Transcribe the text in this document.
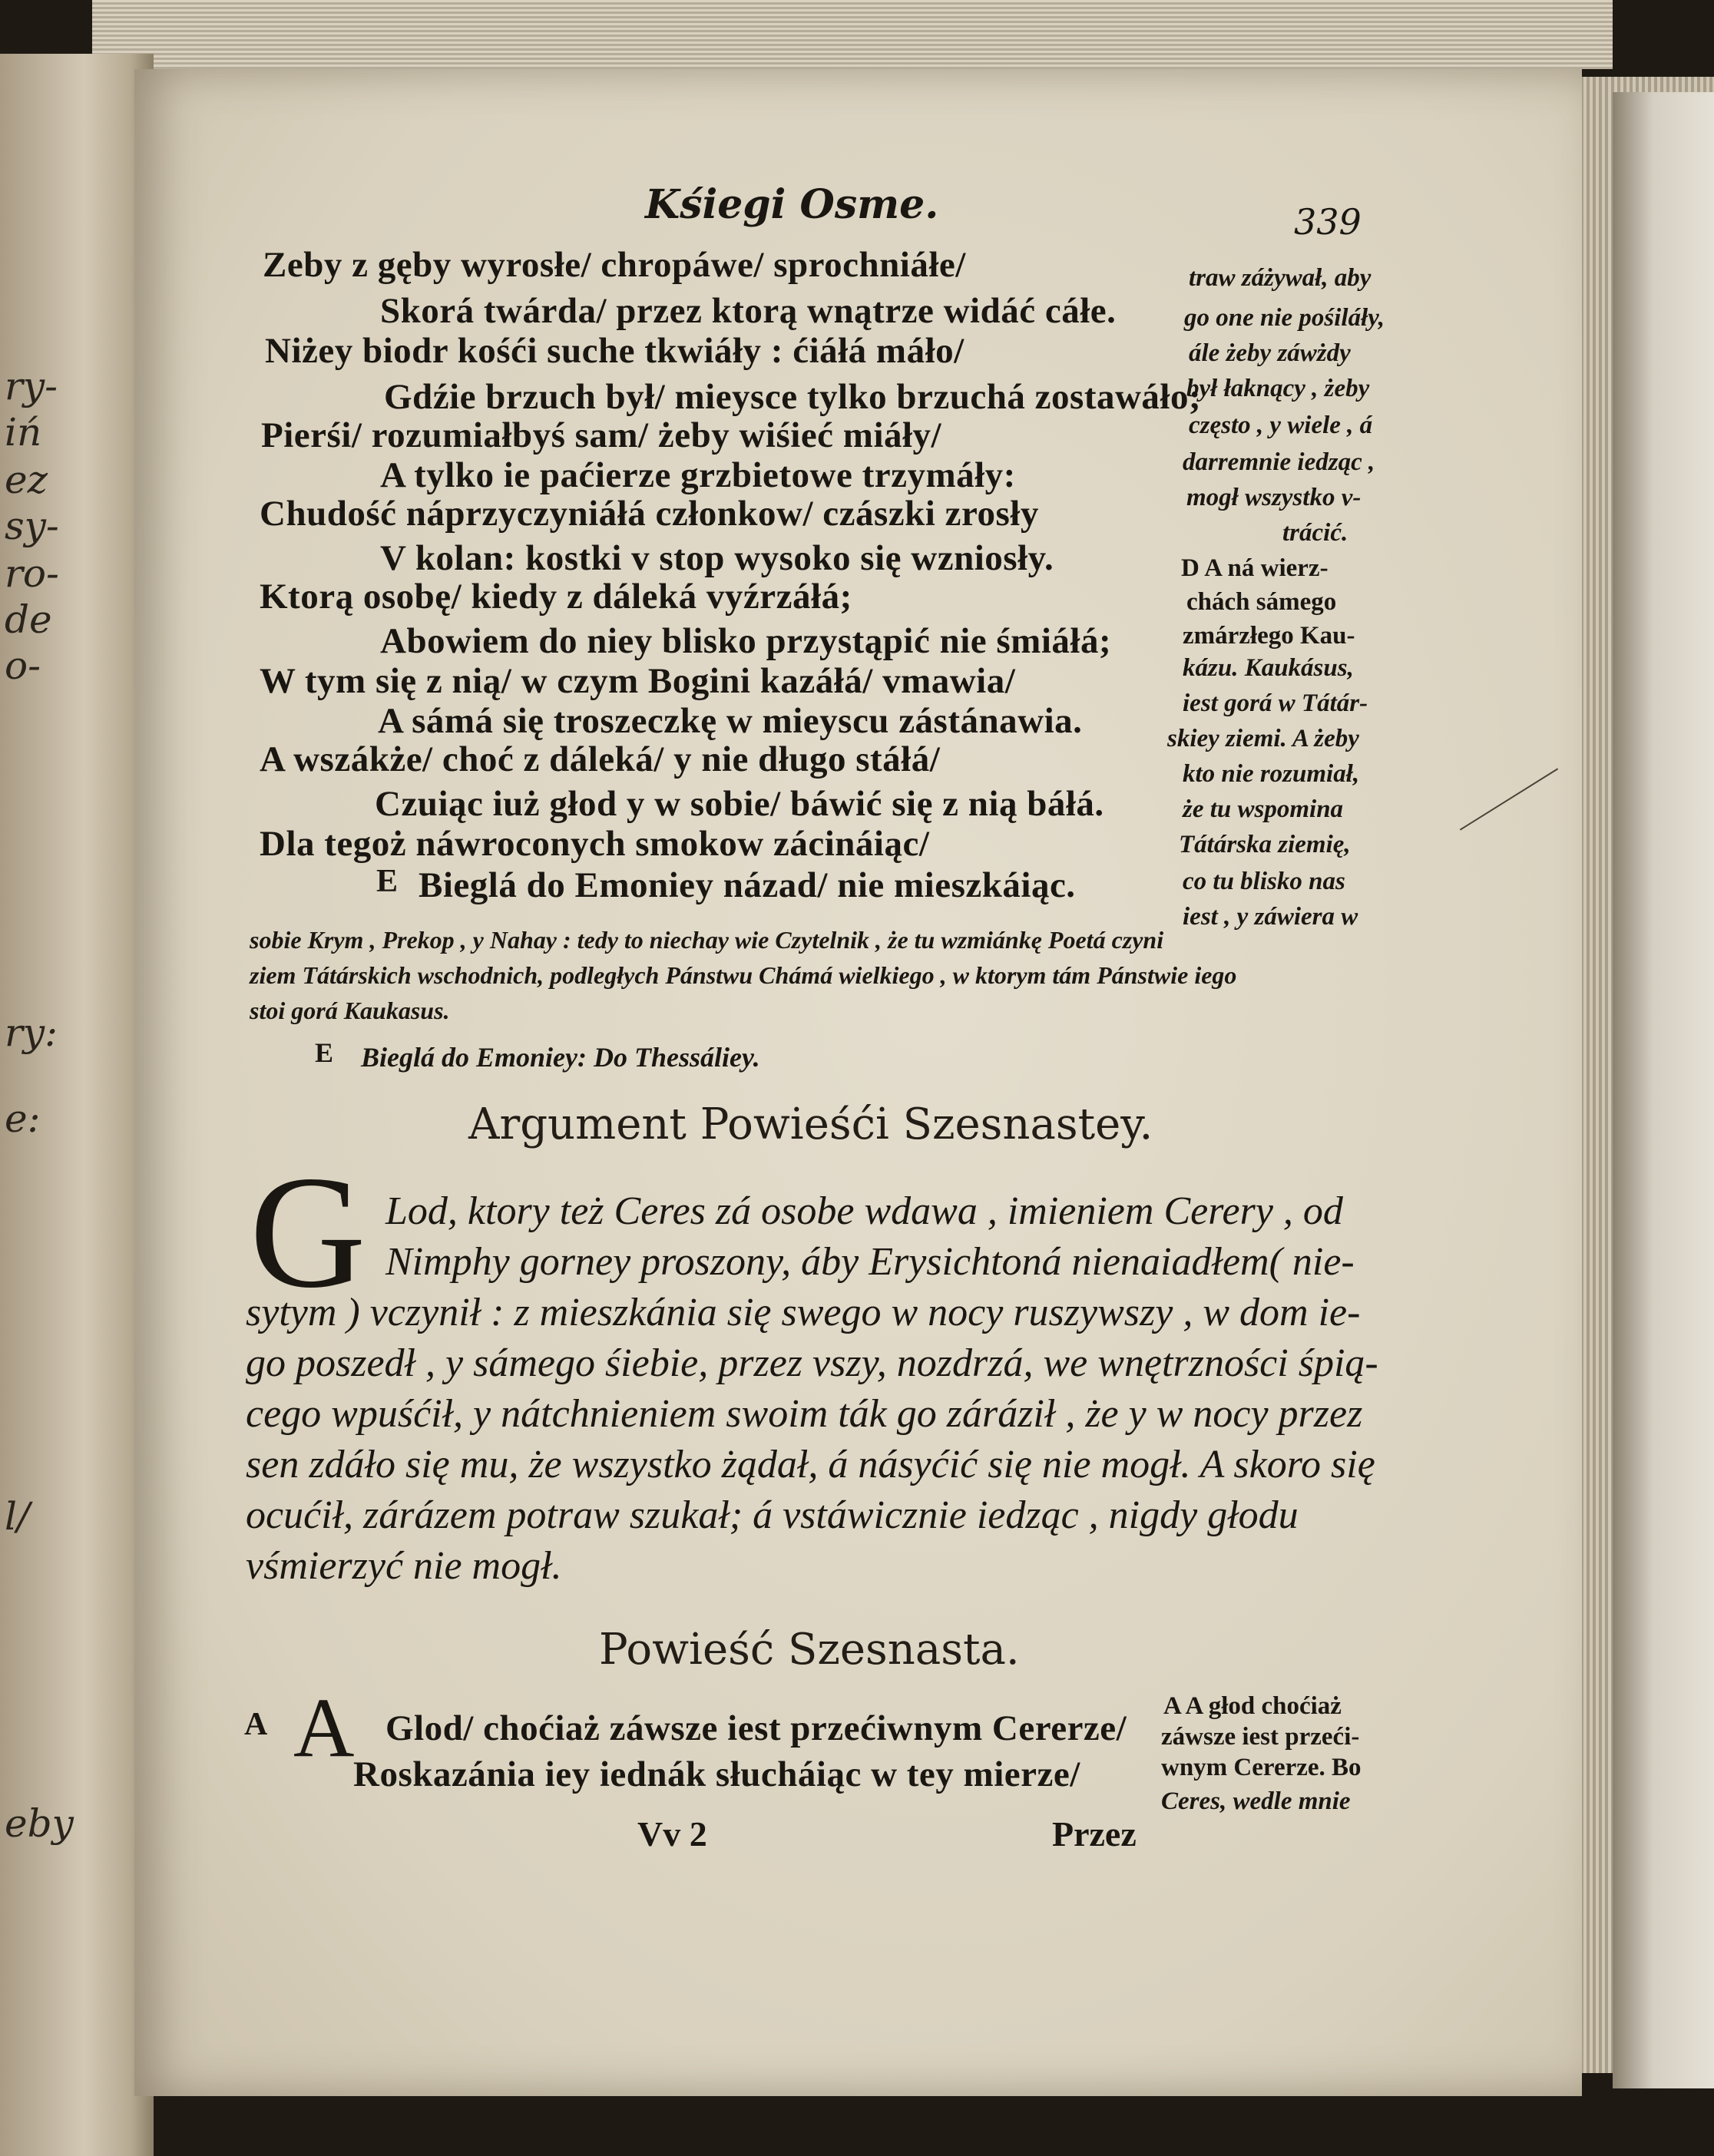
ry-
iń
ez
sy-
ro-
de
o-
ry:
e:
l/
eby
Kśiegi Osme.	339
Zeby z gęby wyrosłe/ chropáwe/ sprochniáłe/
Skorá twárda/ przez ktorą wnątrze widáć cáłe.
Niżey biodr kośći suche tkwiáły : ćiáłá máło/
Gdźie brzuch był/ mieysce tylko brzuchá zostawáło;
Pierśi/ rozumiałbyś sam/ żeby wiśieć miáły/
A tylko ie paćierze grzbietowe trzymáły:
Chudość náprzyczyniáłá członkow/ czászki zrosły
V kolan: kostki v stop wysoko się wzniosły.
Ktorą osobę/ kiedy z dáleká vyźrzáłá;
Abowiem do niey blisko przystąpić nie śmiáłá;
W tym się z nią/ w czym Bogini kazáłá/ vmawia/
A sámá się troszeczkę w mieyscu zástánawia.
A wszákże/ choć z dáleká/ y nie długo stáłá/
Czuiąc iuż głod y w sobie/ báwić się z nią báłá.
Dla tegoż náwroconych smokow zácináiąc/
E Bieglá do Emoniey názad/ nie mieszkáiąc.
traw záżywał, aby
go one nie pośiláły,
ále żeby záwżdy
był łaknący , żeby
często , y wiele , á
darremnie iedząc ,
mogł wszystko v-
trácić.
D A ná wierz-
chách sámego
zmárzłego Kau-
kázu. Kaukásus,
iest gorá w Tátár-
skiey ziemi. A żeby
kto nie rozumiał,
że tu wspomina
Tátárska ziemię,
co tu blisko nas
iest , y záwiera w
sobie Krym , Prekop , y Nahay : tedy to niechay wie Czytelnik , że tu wzmiánkę Poetá czyni
ziem Tátárskich wschodnich, podległych Pánstwu Chámá wielkiego , w ktorym tám Pánstwie iego
stoi gorá Kaukasus.
E Bieglá do Emoniey: Do Thessáliey.
Argument Powieśći Szesnastey.
G Lod, ktory też Ceres zá osobe wdawa , imieniem Cerery , od
Nimphy gorney proszony, áby Erysichtoná nienaiadłem( nie-
sytym ) vczynił : z mieszkánia się swego w nocy ruszywszy , w dom ie-
go poszedł , y sámego śiebie, przez vszy, nozdrzá, we wnętrzności śpią-
cego wpuśćił, y nátchnieniem swoim ták go záráził , że y w nocy przez
sen zdáło się mu, że wszystko żądał, á násyćić się nie mogł. A skoro się
ocućił, zárázem potraw szukał; á vstáwicznie iedząc , nigdy głodu
vśmierzyć nie mogł.
Powieść Szesnasta.
A A Glod/ choćiaż záwsze iest przećiwnym Cererze/
Roskazánia iey iednák słucháiąc w tey mierze/
A A głod choćiaż
záwsze iest przeći-
wnym Cererze. Bo
Ceres, wedle mnie
Vv 2	Przez
